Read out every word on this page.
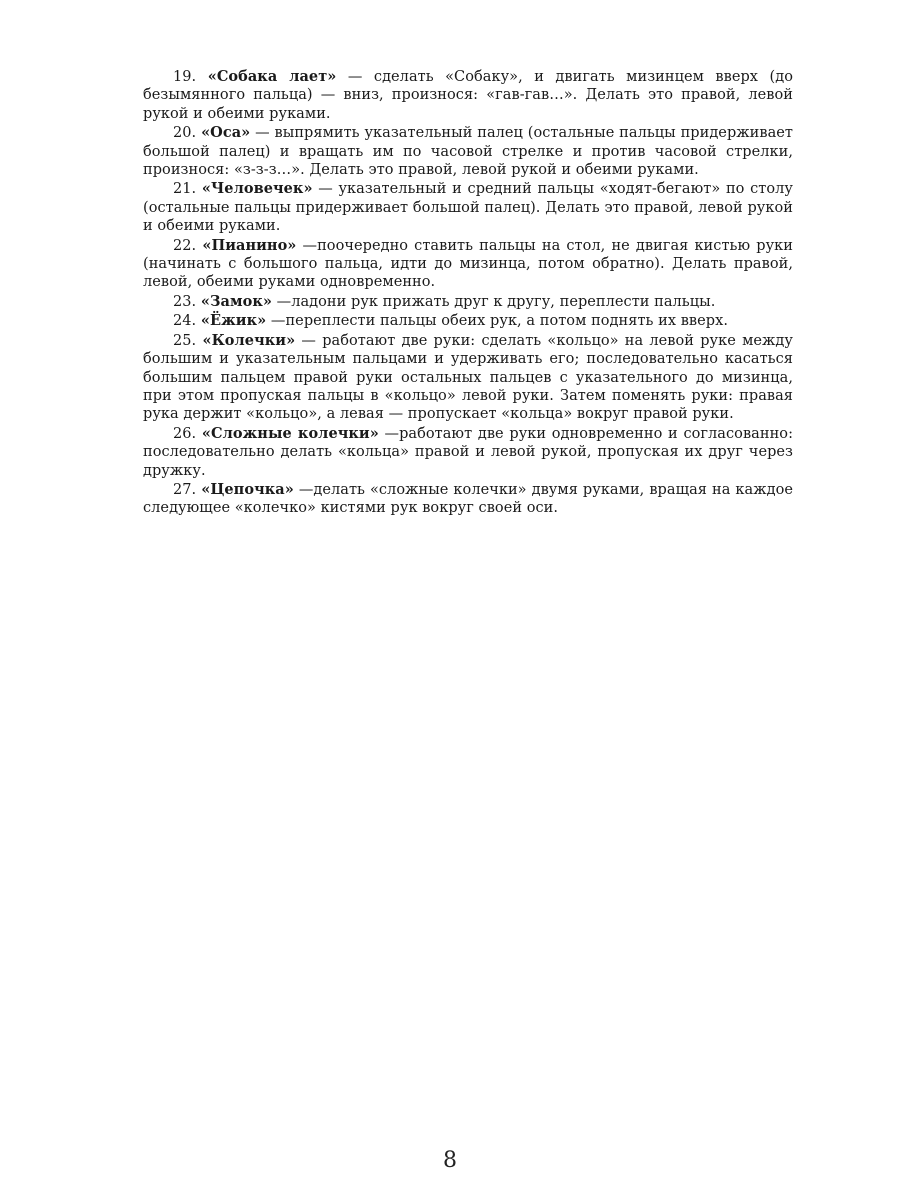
19. «Собака лает» — сделать «Собаку», и двигать мизинцем вверх (до безымянного пальца) — вниз, произнося: «гав-гав…». Делать это правой, левой рукой и обеими руками.

20. «Оса» — выпрямить указательный палец (остальные пальцы придерживает большой палец) и вращать им по часовой стрелке и против часовой стрелки, произнося: «з-з-з…». Делать это правой, левой рукой и обеими руками.

21. «Человечек» — указательный и средний пальцы «ходят-бегают» по столу (остальные пальцы придерживает большой палец). Делать это правой, левой рукой и обеими руками.

22. «Пианино» —поочередно ставить пальцы на стол, не двигая кистью руки (начинать с большого пальца, идти до мизинца, потом обратно). Делать правой, левой, обеими руками одновременно.

23. «Замок» —ладони рук прижать друг к другу, переплести пальцы.

24. «Ёжик» —переплести пальцы обеих рук, а потом поднять их вверх.

25. «Колечки» — работают две руки: сделать «кольцо» на левой руке между большим и указательным пальцами и удерживать его; последовательно касаться большим пальцем правой руки остальных пальцев с указательного до мизинца, при этом пропуская пальцы в «кольцо» левой руки. Затем поменять руки: правая рука держит «кольцо», а левая — пропускает «кольца» вокруг правой руки.

26. «Сложные колечки» —работают две руки одновременно и согласованно: последовательно делать «кольца» правой и левой рукой, пропуская их друг через дружку.

27. «Цепочка» —делать «сложные колечки» двумя руками, вращая на каждое следующее «колечко» кистями рук вокруг своей оси.

8
